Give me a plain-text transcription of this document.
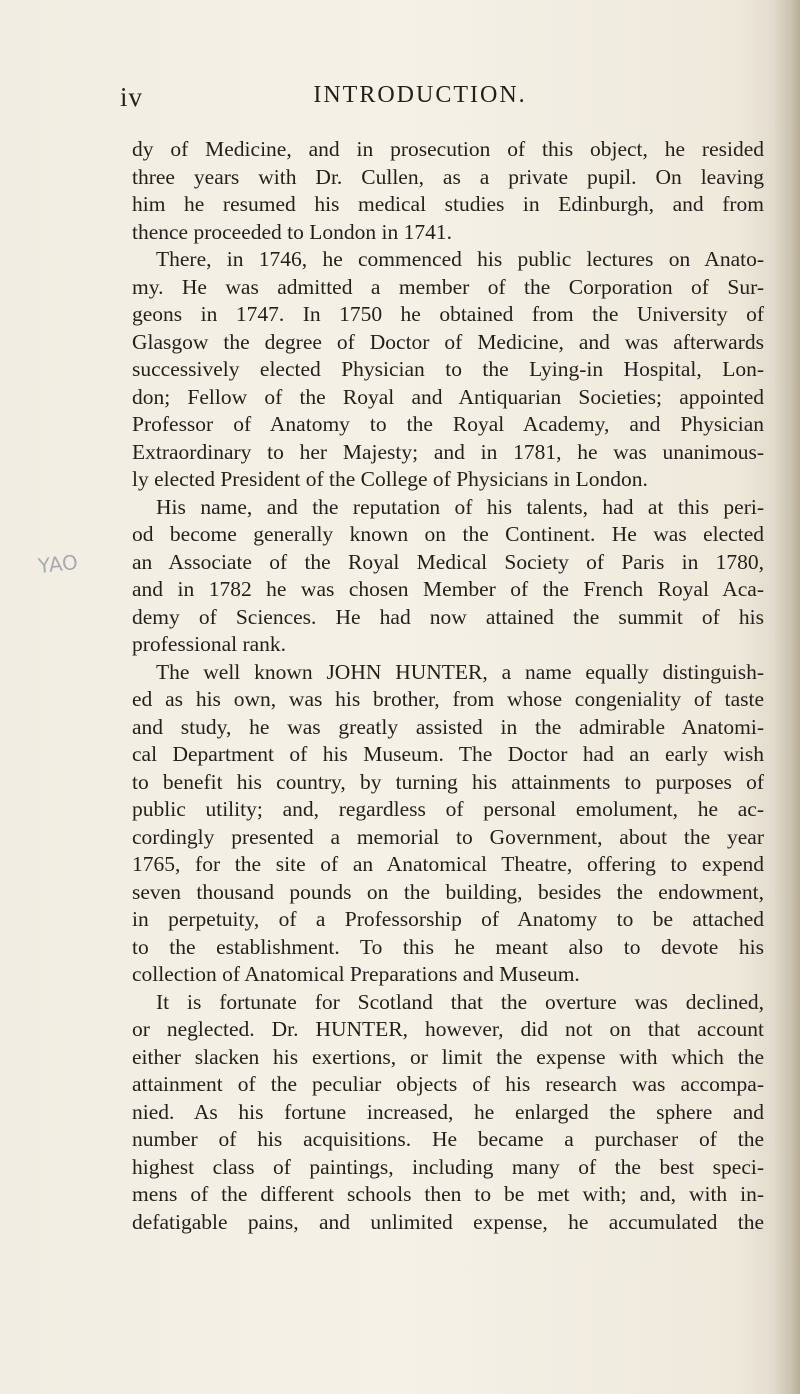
iv	INTRODUCTION.
YAO
dy of Medicine, and in prosecution of this object, he resided
three years with Dr. Cullen, as a private pupil. On leaving
him he resumed his medical studies in Edinburgh, and from
thence proceeded to London in 1741.
There, in 1746, he commenced his public lectures on Anato-
my. He was admitted a member of the Corporation of Sur-
geons in 1747. In 1750 he obtained from the University of
Glasgow the degree of Doctor of Medicine, and was afterwards
successively elected Physician to the Lying-in Hospital, Lon-
don; Fellow of the Royal and Antiquarian Societies; appointed
Professor of Anatomy to the Royal Academy, and Physician
Extraordinary to her Majesty; and in 1781, he was unanimous-
ly elected President of the College of Physicians in London.
His name, and the reputation of his talents, had at this peri-
od become generally known on the Continent. He was elected
an Associate of the Royal Medical Society of Paris in 1780,
and in 1782 he was chosen Member of the French Royal Aca-
demy of Sciences. He had now attained the summit of his
professional rank.
The well known JOHN HUNTER, a name equally distinguish-
ed as his own, was his brother, from whose congeniality of taste
and study, he was greatly assisted in the admirable Anatomi-
cal Department of his Museum. The Doctor had an early wish
to benefit his country, by turning his attainments to purposes of
public utility; and, regardless of personal emolument, he ac-
cordingly presented a memorial to Government, about the year
1765, for the site of an Anatomical Theatre, offering to expend
seven thousand pounds on the building, besides the endowment,
in perpetuity, of a Professorship of Anatomy to be attached
to the establishment. To this he meant also to devote his
collection of Anatomical Preparations and Museum.
It is fortunate for Scotland that the overture was declined,
or neglected. Dr. HUNTER, however, did not on that account
either slacken his exertions, or limit the expense with which the
attainment of the peculiar objects of his research was accompa-
nied. As his fortune increased, he enlarged the sphere and
number of his acquisitions. He became a purchaser of the
highest class of paintings, including many of the best speci-
mens of the different schools then to be met with; and, with in-
defatigable pains, and unlimited expense, he accumulated the
